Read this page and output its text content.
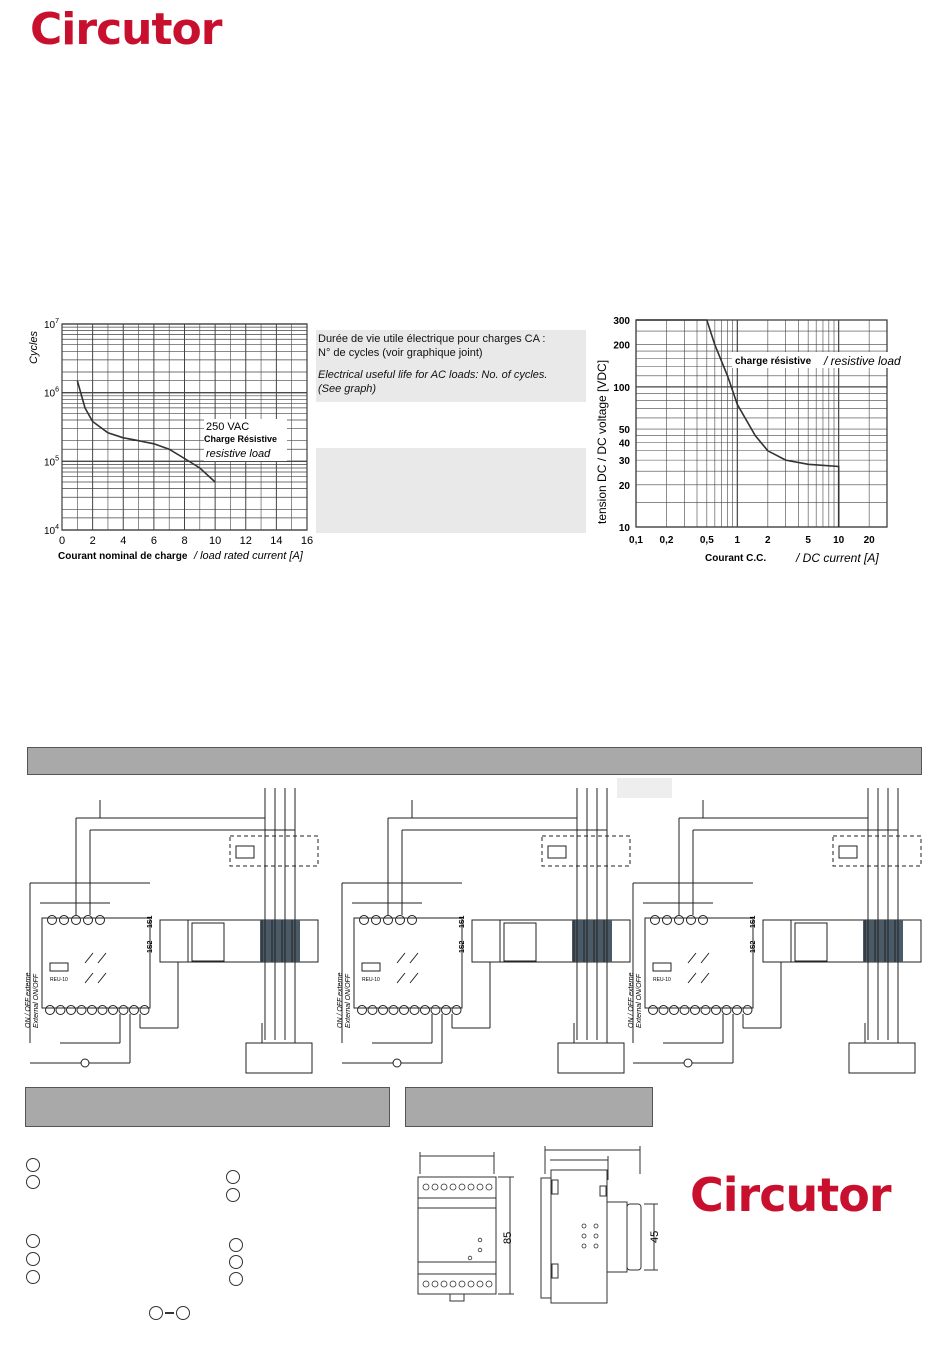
Circutor
0 2 4 6 8 10 12 14 16
$10^4$
$10^5$
$10^6$
$10^7$
Cycles
250 VAC
Charge Résistive
resistive load
Courant nominal de charge / load rated current [A]
Durée de vie utile électrique pour charges CA :
N° de cycles (voir graphique joint)
Electrical useful life for AC loads: No. of cycles.
(See graph)
0,1 0,2	0,5 1 2	5 10 20
10
20
30
40
50
100
200
300
tension DC / DC voltage [VDC]	charge résistive / resistive load
Courant C.C. / DC current [A]
REU-10
ON / OFF externe External ON/OFF
1S1
1S2
REU-10
ON / OFF externe External ON/OFF
1S1
1S2
REU-10
ON / OFF externe External ON/OFF
1S1
1S2
85	45
Circutor
